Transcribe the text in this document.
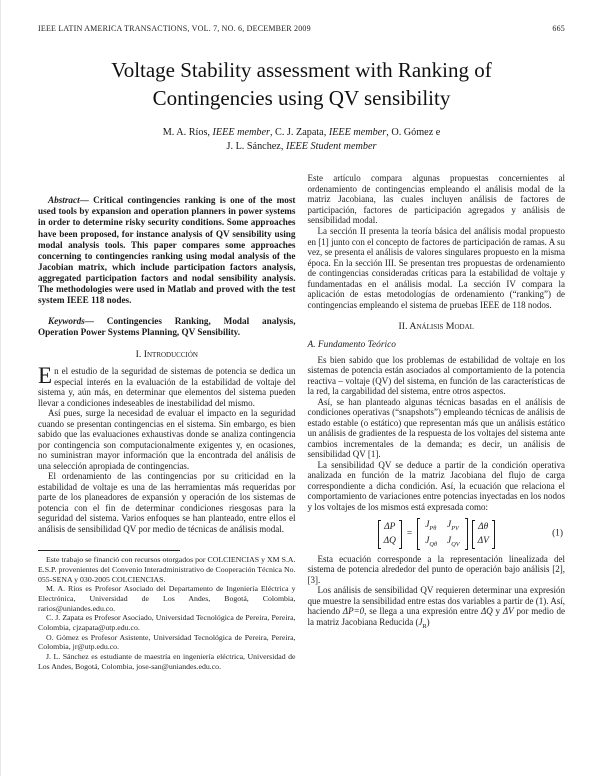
IEEE LATIN AMERICA TRANSACTIONS, VOL. 7, NO. 6, DECEMBER 2009	665
Voltage Stability assessment with Ranking of
Contingencies using QV sensibility
M. A. Ríos, IEEE member, C. J. Zapata, IEEE member, O. Gómez e
J. L. Sánchez, IEEE Student member

Abstract— Critical contingencies ranking is one of the most used tools by expansion and operation planners in power systems in order to determine risky security conditions. Some approaches have been proposed, for instance analysis of QV sensibility using modal analysis tools. This paper compares some approaches concerning to contingencies ranking using modal analysis of the Jacobian matrix, which include participation factors analysis, aggregated participation factors and nodal sensibility analysis. The methodologies were used in Matlab and proved with the test system IEEE 118 nodes.

Keywords— Contingencies Ranking, Modal analysis, Operation Power Systems Planning, QV Sensibility.

I. Introducción

En el estudio de la seguridad de sistemas de potencia se dedica un especial interés en la evaluación de la estabilidad de voltaje del sistema y, aún más, en determinar que elementos del sistema pueden llevar a condiciones indeseables de inestabilidad del mismo.

Así pues, surge la necesidad de evaluar el impacto en la seguridad cuando se presentan contingencias en el sistema. Sin embargo, es bien sabido que las evaluaciones exhaustivas donde se analiza contingencia por contingencia son computacionalmente exigentes y, en ocasiones, no suministran mayor información que la encontrada del análisis de una selección apropiada de contingencias.

El ordenamiento de las contingencias por su criticidad en la estabilidad de voltaje es una de las herramientas más requeridas por parte de los planeadores de expansión y operación de los sistemas de potencia con el fin de determinar condiciones riesgosas para la seguridad del sistema. Varios enfoques se han planteado, entre ellos el análisis de sensibilidad QV por medio de técnicas de análisis modal.

Este trabajo se financió con recursos otorgados por COLCIENCIAS y XM S.A. E.S.P. provenientes del Convenio Interadministrativo de Cooperación Técnica No. 055-SENA y 030-2005 COLCIENCIAS.

M. A. Ríos es Profesor Asociado del Departamento de Ingeniería Eléctrica y Electrónica, Universidad de Los Andes, Bogotá, Colombia, rarios@uniandes.edu.co.

C. J. Zapata es Profesor Asociado, Universidad Tecnológica de Pereira, Pereira, Colombia, cjzapata@utp.edu.co.

O. Gómez es Profesor Asistente, Universidad Tecnológica de Pereira, Pereira, Colombia, jr@utp.edu.co.

J. L. Sánchez es estudiante de maestría en ingeniería eléctrica, Universidad de Los Andes, Bogotá, Colombia, jose-san@uniandes.edu.co.

Este artículo compara algunas propuestas concernientes al ordenamiento de contingencias empleando el análisis modal de la matriz Jacobiana, las cuales incluyen análisis de factores de participación, factores de participación agregados y análisis de sensibilidad modal.

La sección II presenta la teoría básica del análisis modal propuesto en [1] junto con el concepto de factores de participación de ramas. A su vez, se presenta el análisis de valores singulares propuesto en la misma época. En la sección III. Se presentan tres propuestas de ordenamiento de contingencias consideradas críticas para la estabilidad de voltaje y fundamentadas en el análisis modal. La sección IV compara la aplicación de estas metodologías de ordenamiento (“ranking”) de contingencias empleando el sistema de pruebas IEEE de 118 nodos.

II. Análisis Modal

A. Fundamento Teórico

Es bien sabido que los problemas de estabilidad de voltaje en los sistemas de potencia están asociados al comportamiento de la potencia reactiva – voltaje (QV) del sistema, en función de las características de la red, la cargabilidad del sistema, entre otros aspectos.

Así, se han planteado algunas técnicas basadas en el análisis de condiciones operativas (“snapshots”) empleando técnicas de análisis de estado estable (o estático) que representan más que un análisis estático un análisis de gradientes de la respuesta de los voltajes del sistema ante cambios incrementales de la demanda; es decir, un análisis de sensibilidad QV [1].

La sensibilidad QV se deduce a partir de la condición operativa analizada en función de la matriz Jacobiana del flujo de carga correspondiente a dicha condición. Así, la ecuación que relaciona el comportamiento de variaciones entre potencias inyectadas en los nodos y los voltajes de los mismos está expresada como:

ΔP
ΔQ
=
$J_{P\theta}$ $J_{PV}$
$J_{Q\theta}$ $J_{QV}$
Δθ
ΔV
(1)

Esta ecuación corresponde a la representación linealizada del sistema de potencia alrededor del punto de operación bajo análisis [2], [3].

Los análisis de sensibilidad QV requieren determinar una expresión que muestre la sensibilidad entre estas dos variables a partir de (1). Así, haciendo ΔP=0, se llega a una expresión entre ΔQ y ΔV por medio de la matriz Jacobiana Reducida $(J_R)$
